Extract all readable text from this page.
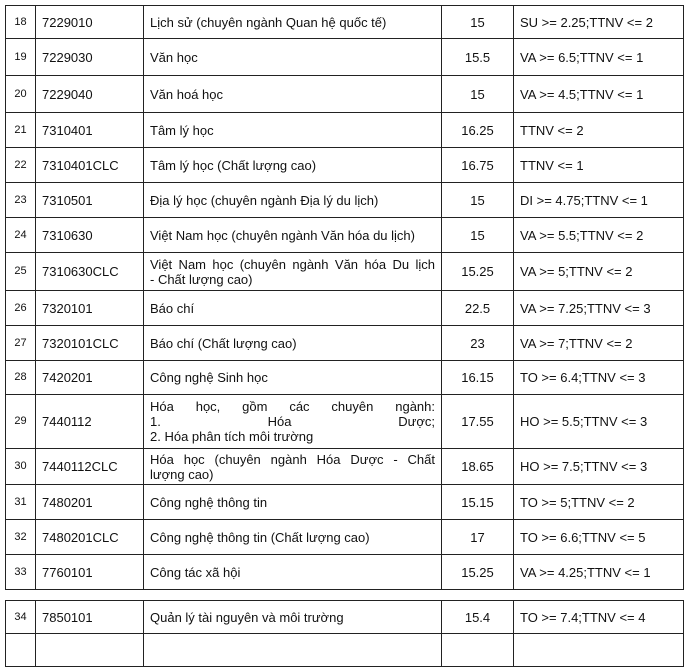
18	7229010	Lịch sử (chuyên ngành Quan hệ quốc tế)	15	SU >= 2.25;TTNV <= 2
19	7229030	Văn học	15.5	VA >= 6.5;TTNV <= 1
20	7229040	Văn hoá học	15	VA >= 4.5;TTNV <= 1
21	7310401	Tâm lý học	16.25	TTNV <= 2
22	7310401CLC	Tâm lý học (Chất lượng cao)	16.75	TTNV <= 1
23	7310501	Địa lý học (chuyên ngành Địa lý du lịch)	15	DI >= 4.75;TTNV <= 1
24	7310630	Việt Nam học (chuyên ngành Văn hóa du lịch)	15	VA >= 5.5;TTNV <= 2
25	7310630CLC	Việt Nam học (chuyên ngành Văn hóa Du lịch
- Chất lượng cao)	15.25	VA >= 5;TTNV <= 2
26	7320101	Báo chí	22.5	VA >= 7.25;TTNV <= 3
27	7320101CLC	Báo chí (Chất lượng cao)	23	VA >= 7;TTNV <= 2
28	7420201	Công nghệ Sinh học	16.15	TO >= 6.4;TTNV <= 3
29	7440112	Hóa học, gồm các chuyên ngành:
1. Hóa Dược;
2. Hóa phân tích môi trường	17.55	HO >= 5.5;TTNV <= 3
30	7440112CLC	Hóa học (chuyên ngành Hóa Dược - Chất
lượng cao)	18.65	HO >= 7.5;TTNV <= 3
31	7480201	Công nghệ thông tin	15.15	TO >= 5;TTNV <= 2
32	7480201CLC	Công nghệ thông tin (Chất lượng cao)	17	TO >= 6.6;TTNV <= 5
33	7760101	Công tác xã hội	15.25	VA >= 4.25;TTNV <= 1
34	7850101	Quản lý tài nguyên và môi trường	15.4	TO >= 7.4;TTNV <= 4
